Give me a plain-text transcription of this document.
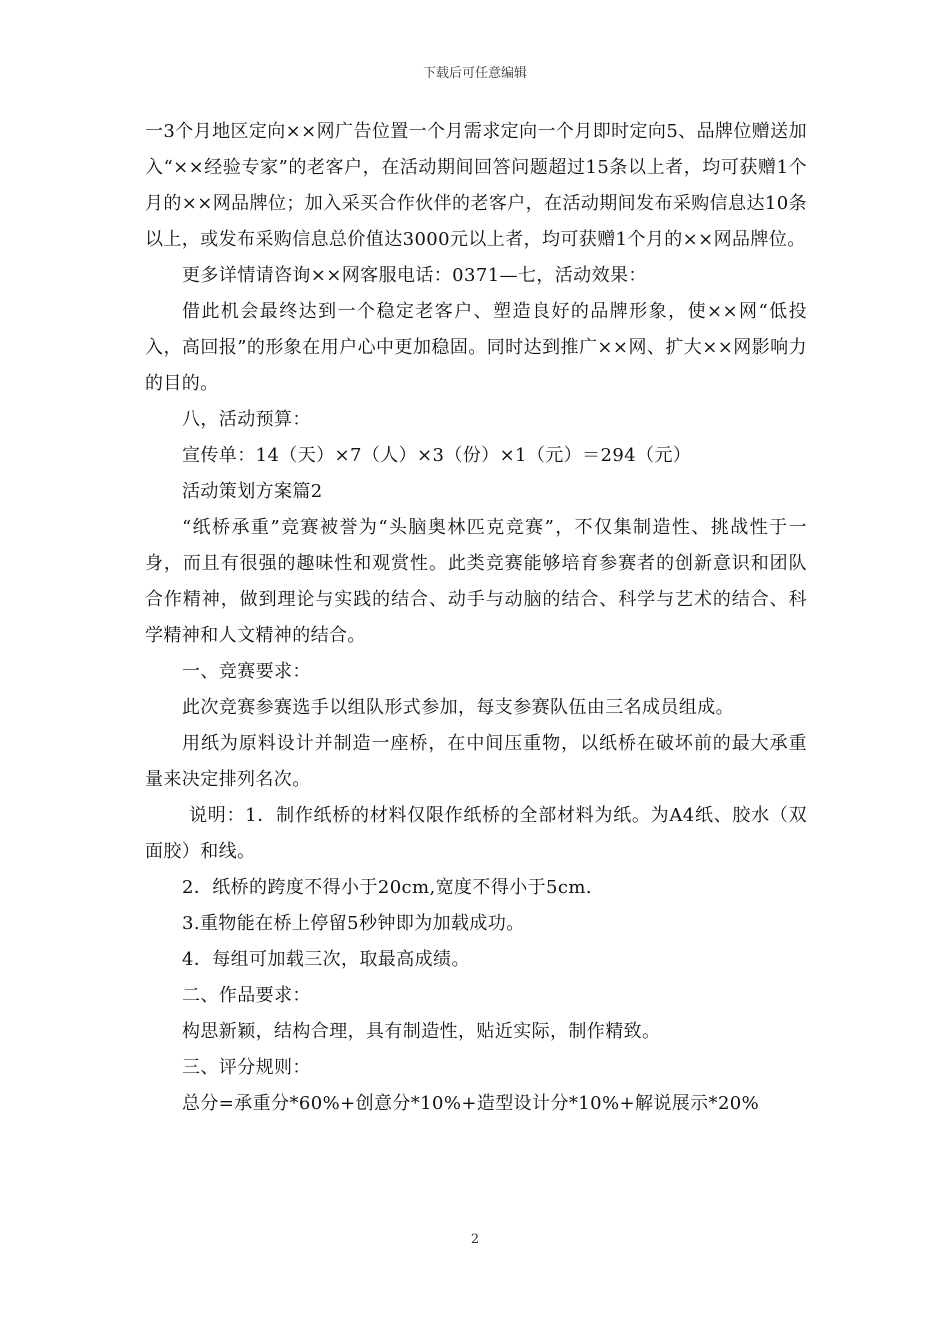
下载后可任意编辑

一3个月地区定向××网广告位置一个月需求定向一个月即时定向5、品牌位赠送加入“××经验专家”的老客户，在活动期间回答问题超过15条以上者，均可获赠1个月的××网品牌位；加入采买合作伙伴的老客户，在活动期间发布采购信息达10条以上，或发布采购信息总价值达3000元以上者，均可获赠1个月的××网品牌位。

更多详情请咨询××网客服电话：0371—七，活动效果：

借此机会最终达到一个稳定老客户、塑造良好的品牌形象，使××网“低投入，高回报”的形象在用户心中更加稳固。同时达到推广××网、扩大××网影响力的目的。

八，活动预算：

宣传单：14（天）×7（人）×3（份）×1（元）＝294（元）

活动策划方案篇2

“纸桥承重”竞赛被誉为“头脑奥林匹克竞赛”，不仅集制造性、挑战性于一身，而且有很强的趣味性和观赏性。此类竞赛能够培育参赛者的创新意识和团队合作精神，做到理论与实践的结合、动手与动脑的结合、科学与艺术的结合、科学精神和人文精神的结合。

一、竞赛要求：

此次竞赛参赛选手以组队形式参加，每支参赛队伍由三名成员组成。

用纸为原料设计并制造一座桥，在中间压重物，以纸桥在破坏前的最大承重量来决定排列名次。

说明：1．制作纸桥的材料仅限作纸桥的全部材料为纸。为A4纸、胶水（双面胶）和线。

2．纸桥的跨度不得小于20cm,宽度不得小于5cm.

3.重物能在桥上停留5秒钟即为加载成功。

4．每组可加载三次，取最高成绩。

二、作品要求：

构思新颖，结构合理，具有制造性，贴近实际，制作精致。

三、评分规则：

总分=承重分*60%+创意分*10%+造型设计分*10%+解说展示*20%

2
